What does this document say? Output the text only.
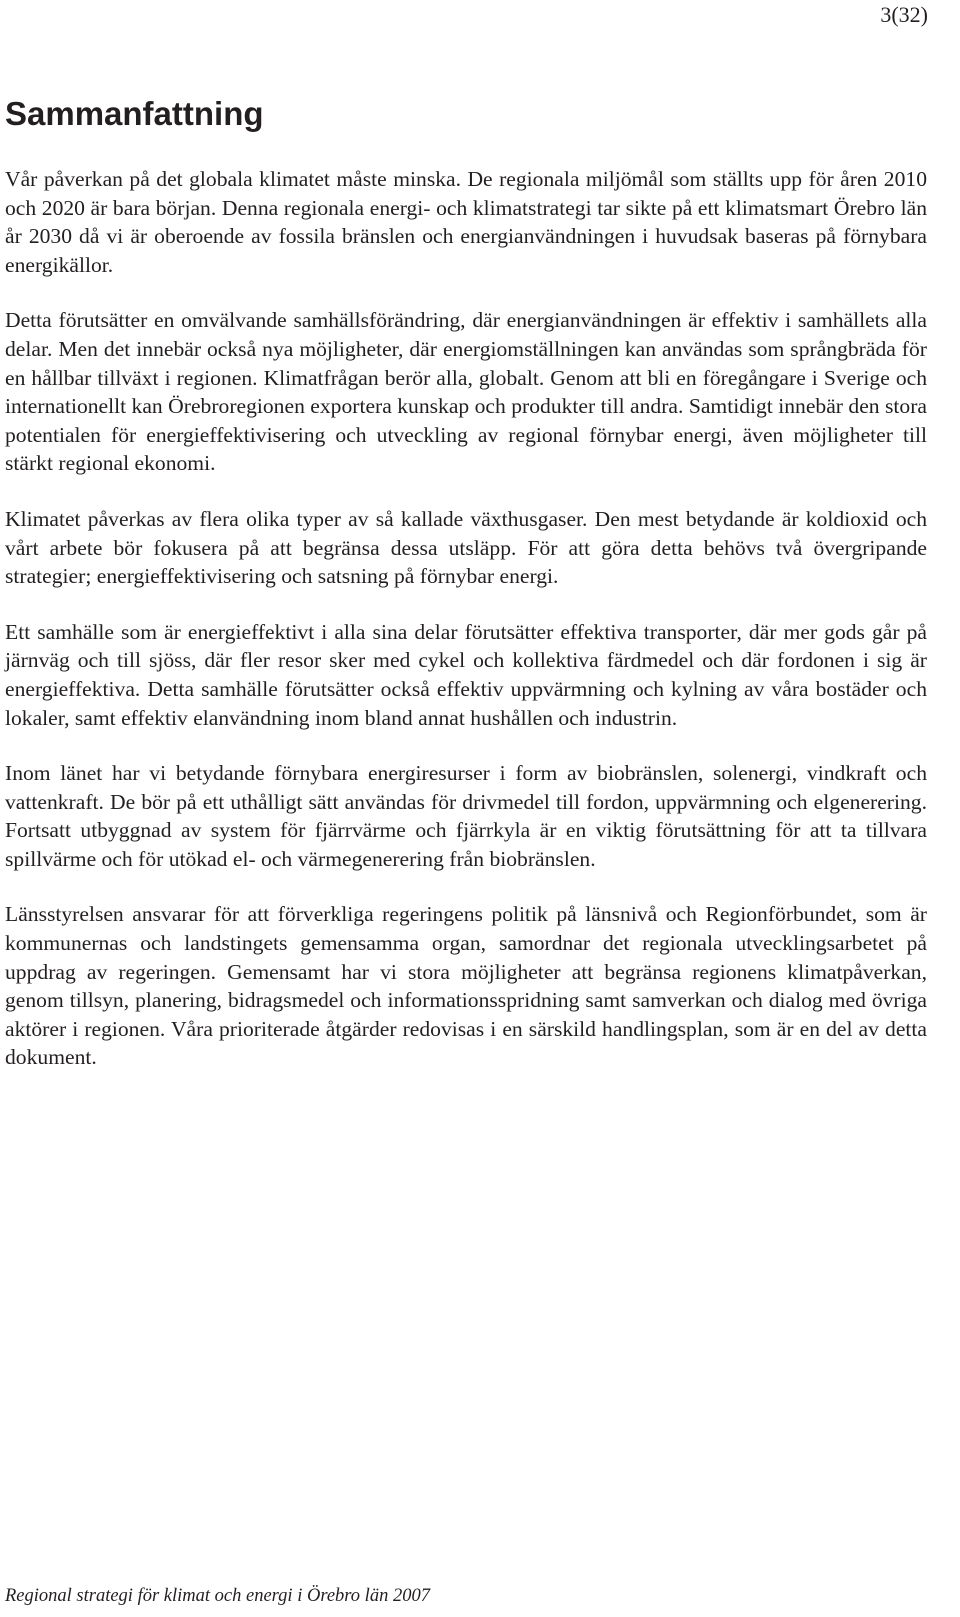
3(32)
Sammanfattning

Vår påverkan på det globala klimatet måste minska. De regionala miljömål som ställts upp för åren 2010 och 2020 är bara början. Denna regionala energi- och klimatstrategi tar sikte på ett klimatsmart Örebro län år 2030 då vi är oberoende av fossila bränslen och energianvändningen i huvudsak baseras på förnybara energikällor.

Detta förutsätter en omvälvande samhällsförändring, där energianvändningen är effektiv i samhällets alla delar. Men det innebär också nya möjligheter, där energiomställningen kan användas som språngbräda för en hållbar tillväxt i regionen. Klimatfrågan berör alla, globalt. Genom att bli en föregångare i Sverige och internationellt kan Örebroregionen exportera kunskap och produkter till andra. Samtidigt innebär den stora potentialen för energieffektivisering och utveckling av regional förnybar energi, även möjligheter till stärkt regional ekonomi.

Klimatet påverkas av flera olika typer av så kallade växthusgaser. Den mest betydande är koldioxid och vårt arbete bör fokusera på att begränsa dessa utsläpp. För att göra detta behövs två övergripande strategier; energieffektivisering och satsning på förnybar energi.

Ett samhälle som är energieffektivt i alla sina delar förutsätter effektiva transporter, där mer gods går på järnväg och till sjöss, där fler resor sker med cykel och kollektiva färdmedel och där fordonen i sig är energieffektiva. Detta samhälle förutsätter också effektiv uppvärmning och kylning av våra bostäder och lokaler, samt effektiv elanvändning inom bland annat hushållen och industrin.

Inom länet har vi betydande förnybara energiresurser i form av biobränslen, solenergi, vindkraft och vattenkraft. De bör på ett uthålligt sätt användas för drivmedel till fordon, uppvärmning och elgenerering. Fortsatt utbyggnad av system för fjärrvärme och fjärrkyla är en viktig förutsättning för att ta tillvara spillvärme och för utökad el- och värmegenerering från biobränslen.

Länsstyrelsen ansvarar för att förverkliga regeringens politik på länsnivå och Regionförbundet, som är kommunernas och landstingets gemensamma organ, samordnar det regionala utvecklingsarbetet på uppdrag av regeringen. Gemensamt har vi stora möjligheter att begränsa regionens klimatpåverkan, genom tillsyn, planering, bidragsmedel och informationsspridning samt samverkan och dialog med övriga aktörer i regionen. Våra prioriterade åtgärder redovisas i en särskild handlingsplan, som är en del av detta dokument.

Regional strategi för klimat och energi i Örebro län 2007
